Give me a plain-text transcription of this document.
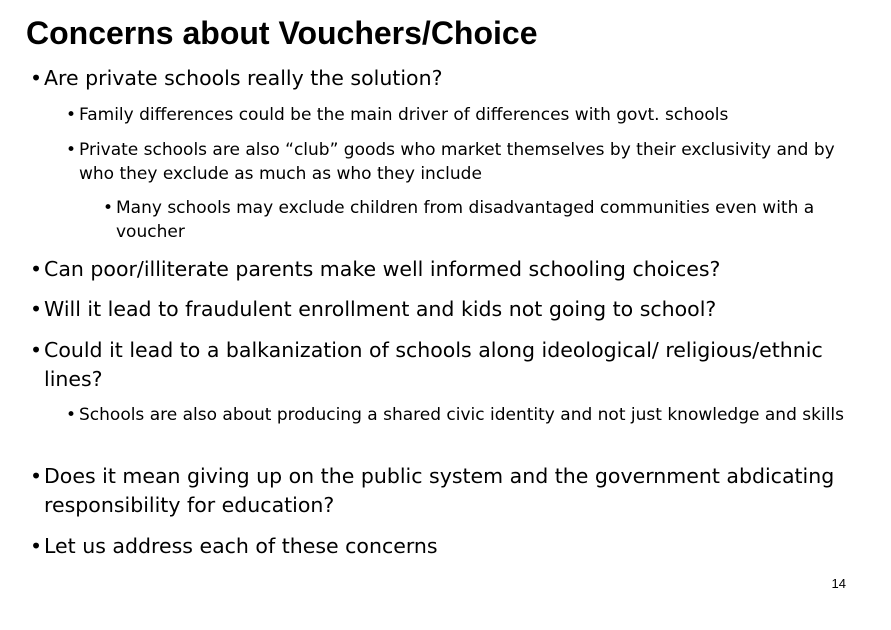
Concerns about Vouchers/Choice
• Are private schools really the solution?
• Family differences could be the main driver of differences with govt. schools
• Private schools are also “club” goods who market themselves by their exclusivity and by who they exclude as much as who they include
• Many schools may exclude children from disadvantaged communities even with a voucher
• Can poor/illiterate parents make well informed schooling choices?
• Will it lead to fraudulent enrollment and kids not going to school?
• Could it lead to a balkanization of schools along ideological/ religious/ethnic lines?
• Schools are also about producing a shared civic identity and not just knowledge and skills
• Does it mean giving up on the public system and the government abdicating responsibility for education?
• Let us address each of these concerns
14
